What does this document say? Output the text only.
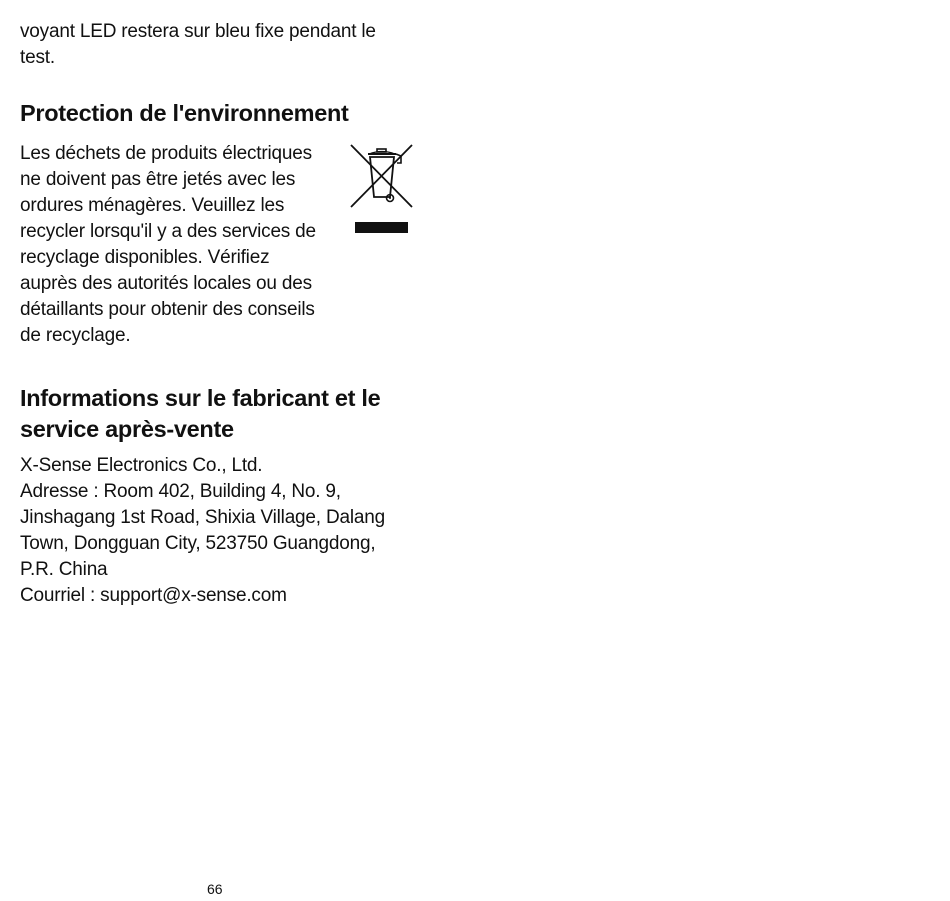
voyant LED restera sur bleu fixe pendant le
test.
Protection de l'environnement
Les déchets de produits électriques
ne doivent pas être jetés avec les
ordures ménagères. Veuillez les
recycler lorsqu'il y a des services de
recyclage disponibles. Vérifiez
auprès des autorités locales ou des
détaillants pour obtenir des conseils
de recyclage.
Informations sur le fabricant et le
service après-vente
X-Sense Electronics Co., Ltd.
Adresse : Room 402, Building 4, No. 9,
Jinshagang 1st Road, Shixia Village, Dalang
Town, Dongguan City, 523750 Guangdong,
P.R. China
Courriel : support@x-sense.com
66
